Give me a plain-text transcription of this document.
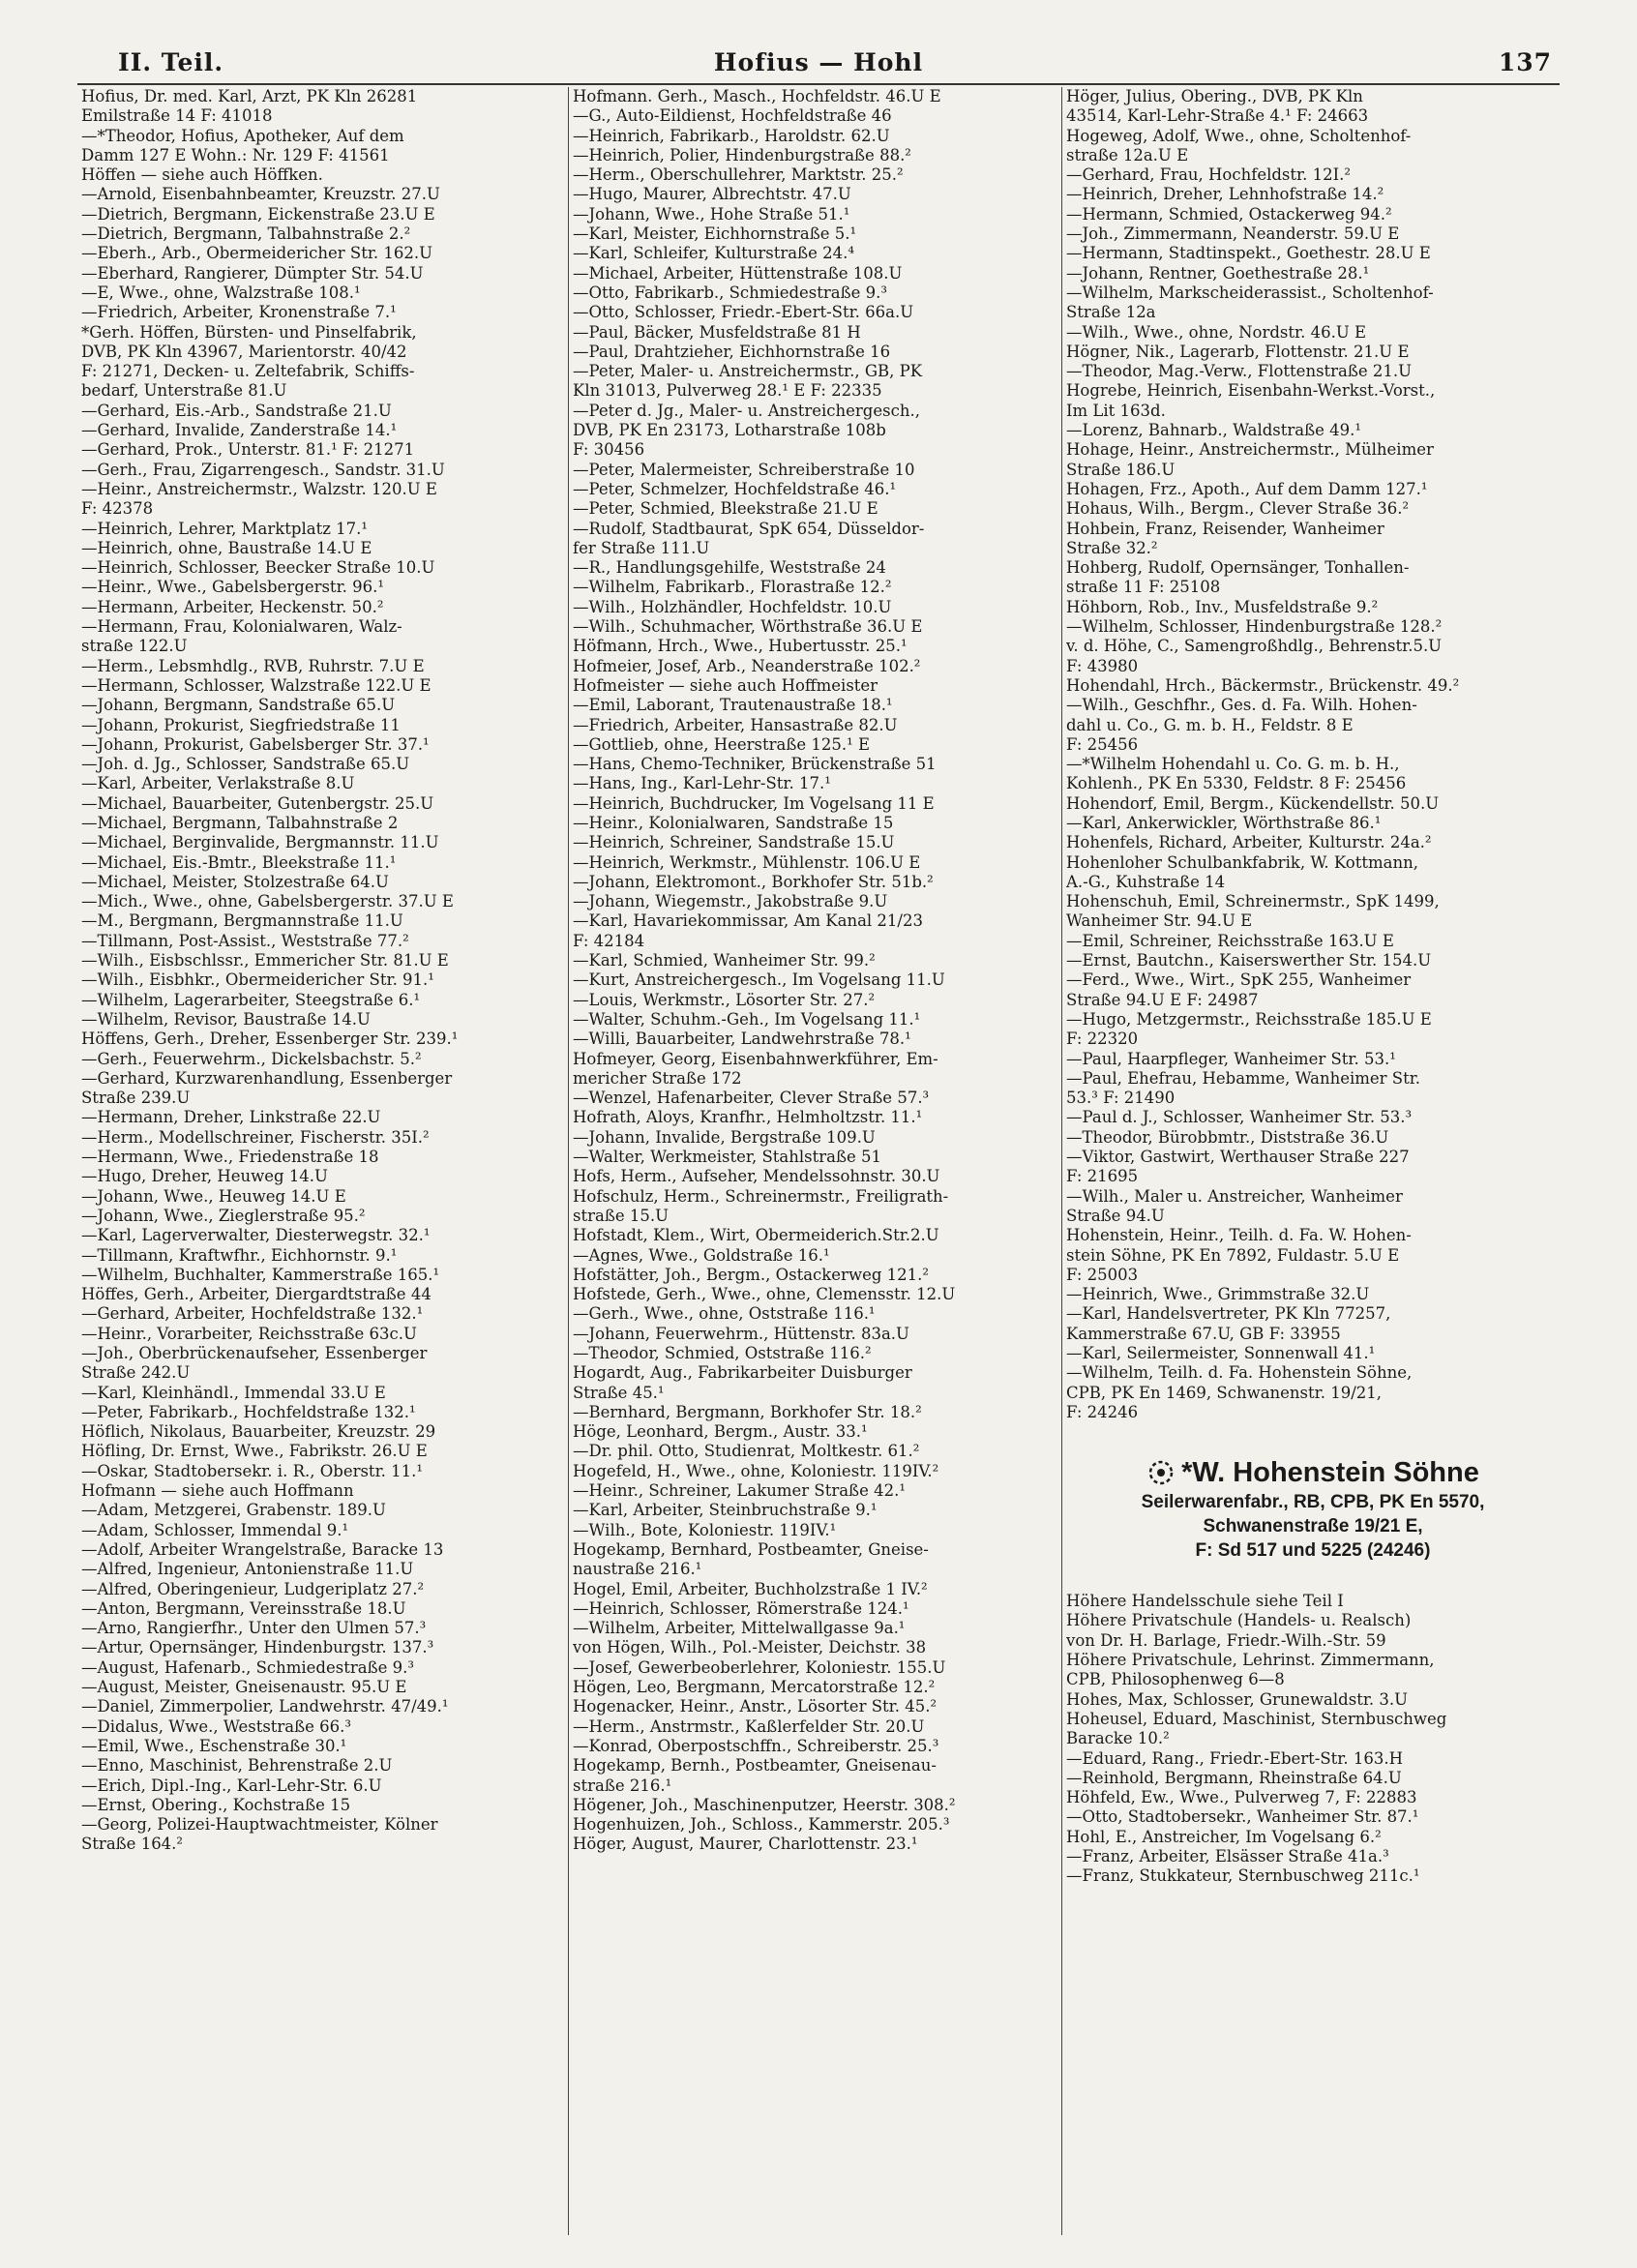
II. Teil.	Hofius — Hohl	137
Hofius, Dr. med. Karl, Arzt, PK Kln 26281
Emilstraße 14 F: 41018
—*Theodor, Hofius, Apotheker, Auf dem
Damm 127 E Wohn.: Nr. 129 F: 41561
Höffen — siehe auch Höffken.
—Arnold, Eisenbahnbeamter, Kreuzstr. 27.U
—Dietrich, Bergmann, Eickenstraße 23.U E
—Dietrich, Bergmann, Talbahnstraße 2.²
—Eberh., Arb., Obermeidericher Str. 162.U
—Eberhard, Rangierer, Dümpter Str. 54.U
—E, Wwe., ohne, Walzstraße 108.¹
—Friedrich, Arbeiter, Kronenstraße 7.¹
*Gerh. Höffen, Bürsten- und Pinselfabrik,
DVB, PK Kln 43967, Marientorstr. 40/42
F: 21271, Decken- u. Zeltefabrik, Schiffs-
bedarf, Unterstraße 81.U
—Gerhard, Eis.-Arb., Sandstraße 21.U
—Gerhard, Invalide, Zanderstraße 14.¹
—Gerhard, Prok., Unterstr. 81.¹ F: 21271
—Gerh., Frau, Zigarrengesch., Sandstr. 31.U
—Heinr., Anstreichermstr., Walzstr. 120.U E
F: 42378
—Heinrich, Lehrer, Marktplatz 17.¹
—Heinrich, ohne, Baustraße 14.U E
—Heinrich, Schlosser, Beecker Straße 10.U
—Heinr., Wwe., Gabelsbergerstr. 96.¹
—Hermann, Arbeiter, Heckenstr. 50.²
—Hermann, Frau, Kolonialwaren, Walz-
straße 122.U
—Herm., Lebsmhdlg., RVB, Ruhrstr. 7.U E
—Hermann, Schlosser, Walzstraße 122.U E
—Johann, Bergmann, Sandstraße 65.U
—Johann, Prokurist, Siegfriedstraße 11
—Johann, Prokurist, Gabelsberger Str. 37.¹
—Joh. d. Jg., Schlosser, Sandstraße 65.U
—Karl, Arbeiter, Verlakstraße 8.U
—Michael, Bauarbeiter, Gutenbergstr. 25.U
—Michael, Bergmann, Talbahnstraße 2
—Michael, Berginvalide, Bergmannstr. 11.U
—Michael, Eis.-Bmtr., Bleekstraße 11.¹
—Michael, Meister, Stolzestraße 64.U
—Mich., Wwe., ohne, Gabelsbergerstr. 37.U E
—M., Bergmann, Bergmannstraße 11.U
—Tillmann, Post-Assist., Weststraße 77.²
—Wilh., Eisbschlssr., Emmericher Str. 81.U E
—Wilh., Eisbhkr., Obermeidericher Str. 91.¹
—Wilhelm, Lagerarbeiter, Steegstraße 6.¹
—Wilhelm, Revisor, Baustraße 14.U
Höffens, Gerh., Dreher, Essenberger Str. 239.¹
—Gerh., Feuerwehrm., Dickelsbachstr. 5.²
—Gerhard, Kurzwarenhandlung, Essenberger
Straße 239.U
—Hermann, Dreher, Linkstraße 22.U
—Herm., Modellschreiner, Fischerstr. 35I.²
—Hermann, Wwe., Friedenstraße 18
—Hugo, Dreher, Heuweg 14.U
—Johann, Wwe., Heuweg 14.U E
—Johann, Wwe., Zieglerstraße 95.²
—Karl, Lagerverwalter, Diesterwegstr. 32.¹
—Tillmann, Kraftwfhr., Eichhornstr. 9.¹
—Wilhelm, Buchhalter, Kammerstraße 165.¹
Höffes, Gerh., Arbeiter, Diergardtstraße 44
—Gerhard, Arbeiter, Hochfeldstraße 132.¹
—Heinr., Vorarbeiter, Reichsstraße 63c.U
—Joh., Oberbrückenaufseher, Essenberger
Straße 242.U
—Karl, Kleinhändl., Immendal 33.U E
—Peter, Fabrikarb., Hochfeldstraße 132.¹
Höflich, Nikolaus, Bauarbeiter, Kreuzstr. 29
Höfling, Dr. Ernst, Wwe., Fabrikstr. 26.U E
—Oskar, Stadtobersekr. i. R., Oberstr. 11.¹
Hofmann — siehe auch Hoffmann
—Adam, Metzgerei, Grabenstr. 189.U
—Adam, Schlosser, Immendal 9.¹
—Adolf, Arbeiter Wrangelstraße, Baracke 13
—Alfred, Ingenieur, Antonienstraße 11.U
—Alfred, Oberingenieur, Ludgeriplatz 27.²
—Anton, Bergmann, Vereinsstraße 18.U
—Arno, Rangierfhr., Unter den Ulmen 57.³
—Artur, Opernsänger, Hindenburgstr. 137.³
—August, Hafenarb., Schmiedestraße 9.³
—August, Meister, Gneisenaustr. 95.U E
—Daniel, Zimmerpolier, Landwehrstr. 47/49.¹
—Didalus, Wwe., Weststraße 66.³
—Emil, Wwe., Eschenstraße 30.¹
—Enno, Maschinist, Behrenstraße 2.U
—Erich, Dipl.-Ing., Karl-Lehr-Str. 6.U
—Ernst, Obering., Kochstraße 15
—Georg, Polizei-Hauptwachtmeister, Kölner
Straße 164.²
Hofmann. Gerh., Masch., Hochfeldstr. 46.U E
—G., Auto-Eildienst, Hochfeldstraße 46
—Heinrich, Fabrikarb., Haroldstr. 62.U
—Heinrich, Polier, Hindenburgstraße 88.²
—Herm., Oberschullehrer, Marktstr. 25.²
—Hugo, Maurer, Albrechtstr. 47.U
—Johann, Wwe., Hohe Straße 51.¹
—Karl, Meister, Eichhornstraße 5.¹
—Karl, Schleifer, Kulturstraße 24.⁴
—Michael, Arbeiter, Hüttenstraße 108.U
—Otto, Fabrikarb., Schmiedestraße 9.³
—Otto, Schlosser, Friedr.-Ebert-Str. 66a.U
—Paul, Bäcker, Musfeldstraße 81 H
—Paul, Drahtzieher, Eichhornstraße 16
—Peter, Maler- u. Anstreichermstr., GB, PK
Kln 31013, Pulverweg 28.¹ E F: 22335
—Peter d. Jg., Maler- u. Anstreichergesch.,
DVB, PK En 23173, Lotharstraße 108b
F: 30456
—Peter, Malermeister, Schreiberstraße 10
—Peter, Schmelzer, Hochfeldstraße 46.¹
—Peter, Schmied, Bleekstraße 21.U E
—Rudolf, Stadtbaurat, SpK 654, Düsseldor-
fer Straße 111.U
—R., Handlungsgehilfe, Weststraße 24
—Wilhelm, Fabrikarb., Florastraße 12.²
—Wilh., Holzhändler, Hochfeldstr. 10.U
—Wilh., Schuhmacher, Wörthstraße 36.U E
Höfmann, Hrch., Wwe., Hubertusstr. 25.¹
Hofmeier, Josef, Arb., Neanderstraße 102.²
Hofmeister — siehe auch Hoffmeister
—Emil, Laborant, Trautenaustraße 18.¹
—Friedrich, Arbeiter, Hansastraße 82.U
—Gottlieb, ohne, Heerstraße 125.¹ E
—Hans, Chemo-Techniker, Brückenstraße 51
—Hans, Ing., Karl-Lehr-Str. 17.¹
—Heinrich, Buchdrucker, Im Vogelsang 11 E
—Heinr., Kolonialwaren, Sandstraße 15
—Heinrich, Schreiner, Sandstraße 15.U
—Heinrich, Werkmstr., Mühlenstr. 106.U E
—Johann, Elektromont., Borkhofer Str. 51b.²
—Johann, Wiegemstr., Jakobstraße 9.U
—Karl, Havariekommissar, Am Kanal 21/23
F: 42184
—Karl, Schmied, Wanheimer Str. 99.²
—Kurt, Anstreichergesch., Im Vogelsang 11.U
—Louis, Werkmstr., Lösorter Str. 27.²
—Walter, Schuhm.-Geh., Im Vogelsang 11.¹
—Willi, Bauarbeiter, Landwehrstraße 78.¹
Hofmeyer, Georg, Eisenbahnwerkführer, Em-
mericher Straße 172
—Wenzel, Hafenarbeiter, Clever Straße 57.³
Hofrath, Aloys, Kranfhr., Helmholtzstr. 11.¹
—Johann, Invalide, Bergstraße 109.U
—Walter, Werkmeister, Stahlstraße 51
Hofs, Herm., Aufseher, Mendelssohnstr. 30.U
Hofschulz, Herm., Schreinermstr., Freiligrath-
straße 15.U
Hofstadt, Klem., Wirt, Obermeiderich.Str.2.U
—Agnes, Wwe., Goldstraße 16.¹
Hofstätter, Joh., Bergm., Ostackerweg 121.²
Hofstede, Gerh., Wwe., ohne, Clemensstr. 12.U
—Gerh., Wwe., ohne, Oststraße 116.¹
—Johann, Feuerwehrm., Hüttenstr. 83a.U
—Theodor, Schmied, Oststraße 116.²
Hogardt, Aug., Fabrikarbeiter Duisburger
Straße 45.¹
—Bernhard, Bergmann, Borkhofer Str. 18.²
Höge, Leonhard, Bergm., Austr. 33.¹
—Dr. phil. Otto, Studienrat, Moltkestr. 61.²
Hogefeld, H., Wwe., ohne, Koloniestr. 119IV.²
—Heinr., Schreiner, Lakumer Straße 42.¹
—Karl, Arbeiter, Steinbruchstraße 9.¹
—Wilh., Bote, Koloniestr. 119IV.¹
Hogekamp, Bernhard, Postbeamter, Gneise-
naustraße 216.¹
Hogel, Emil, Arbeiter, Buchholzstraße 1 IV.²
—Heinrich, Schlosser, Römerstraße 124.¹
—Wilhelm, Arbeiter, Mittelwallgasse 9a.¹
von Högen, Wilh., Pol.-Meister, Deichstr. 38
—Josef, Gewerbeoberlehrer, Koloniestr. 155.U
Högen, Leo, Bergmann, Mercatorstraße 12.²
Hogenacker, Heinr., Anstr., Lösorter Str. 45.²
—Herm., Anstrmstr., Kaßlerfelder Str. 20.U
—Konrad, Oberpostschffn., Schreiberstr. 25.³
Hogekamp, Bernh., Postbeamter, Gneisenau-
straße 216.¹
Högener, Joh., Maschinenputzer, Heerstr. 308.²
Hogenhuizen, Joh., Schloss., Kammerstr. 205.³
Höger, August, Maurer, Charlottenstr. 23.¹
Höger, Julius, Obering., DVB, PK Kln
43514, Karl-Lehr-Straße 4.¹ F: 24663
Hogeweg, Adolf, Wwe., ohne, Scholtenhof-
straße 12a.U E
—Gerhard, Frau, Hochfeldstr. 12I.²
—Heinrich, Dreher, Lehnhofstraße 14.²
—Hermann, Schmied, Ostackerweg 94.²
—Joh., Zimmermann, Neanderstr. 59.U E
—Hermann, Stadtinspekt., Goethestr. 28.U E
—Johann, Rentner, Goethestraße 28.¹
—Wilhelm, Markscheiderassist., Scholtenhof-
Straße 12a
—Wilh., Wwe., ohne, Nordstr. 46.U E
Högner, Nik., Lagerarb, Flottenstr. 21.U E
—Theodor, Mag.-Verw., Flottenstraße 21.U
Hogrebe, Heinrich, Eisenbahn-Werkst.-Vorst.,
Im Lit 163d.
—Lorenz, Bahnarb., Waldstraße 49.¹
Hohage, Heinr., Anstreichermstr., Mülheimer
Straße 186.U
Hohagen, Frz., Apoth., Auf dem Damm 127.¹
Hohaus, Wilh., Bergm., Clever Straße 36.²
Hohbein, Franz, Reisender, Wanheimer
Straße 32.²
Hohberg, Rudolf, Opernsänger, Tonhallen-
straße 11 F: 25108
Höhborn, Rob., Inv., Musfeldstraße 9.²
—Wilhelm, Schlosser, Hindenburgstraße 128.²
v. d. Höhe, C., Samengroßhdlg., Behrenstr.5.U
F: 43980
Hohendahl, Hrch., Bäckermstr., Brückenstr. 49.²
—Wilh., Geschfhr., Ges. d. Fa. Wilh. Hohen-
dahl u. Co., G. m. b. H., Feldstr. 8 E
F: 25456
—*Wilhelm Hohendahl u. Co. G. m. b. H.,
Kohlenh., PK En 5330, Feldstr. 8 F: 25456
Hohendorf, Emil, Bergm., Kückendellstr. 50.U
—Karl, Ankerwickler, Wörthstraße 86.¹
Hohenfels, Richard, Arbeiter, Kulturstr. 24a.²
Hohenloher Schulbankfabrik, W. Kottmann,
A.-G., Kuhstraße 14
Hohenschuh, Emil, Schreinermstr., SpK 1499,
Wanheimer Str. 94.U E
—Emil, Schreiner, Reichsstraße 163.U E
—Ernst, Bautchn., Kaiserswerther Str. 154.U
—Ferd., Wwe., Wirt., SpK 255, Wanheimer
Straße 94.U E F: 24987
—Hugo, Metzgermstr., Reichsstraße 185.U E
F: 22320
—Paul, Haarpfleger, Wanheimer Str. 53.¹
—Paul, Ehefrau, Hebamme, Wanheimer Str.
53.³ F: 21490
—Paul d. J., Schlosser, Wanheimer Str. 53.³
—Theodor, Bürobbmtr., Diststraße 36.U
—Viktor, Gastwirt, Werthauser Straße 227
F: 21695
—Wilh., Maler u. Anstreicher, Wanheimer
Straße 94.U
Hohenstein, Heinr., Teilh. d. Fa. W. Hohen-
stein Söhne, PK En 7892, Fuldastr. 5.U E
F: 25003
—Heinrich, Wwe., Grimmstraße 32.U
—Karl, Handelsvertreter, PK Kln 77257,
Kammerstraße 67.U, GB F: 33955
—Karl, Seilermeister, Sonnenwall 41.¹
—Wilhelm, Teilh. d. Fa. Hohenstein Söhne,
CPB, PK En 1469, Schwanenstr. 19/21,
F: 24246
*W. Hohenstein Söhne
Seilerwarenfabr., RB, CPB, PK En 5570,
Schwanenstraße 19/21 E,
F: Sd 517 und 5225 (24246)
Höhere Handelsschule siehe Teil I
Höhere Privatschule (Handels- u. Realsch)
von Dr. H. Barlage, Friedr.-Wilh.-Str. 59
Höhere Privatschule, Lehrinst. Zimmermann,
CPB, Philosophenweg 6—8
Hohes, Max, Schlosser, Grunewaldstr. 3.U
Hoheusel, Eduard, Maschinist, Sternbuschweg
Baracke 10.²
—Eduard, Rang., Friedr.-Ebert-Str. 163.H
—Reinhold, Bergmann, Rheinstraße 64.U
Höhfeld, Ew., Wwe., Pulverweg 7, F: 22883
—Otto, Stadtobersekr., Wanheimer Str. 87.¹
Hohl, E., Anstreicher, Im Vogelsang 6.²
—Franz, Arbeiter, Elsässer Straße 41a.³
—Franz, Stukkateur, Sternbuschweg 211c.¹
